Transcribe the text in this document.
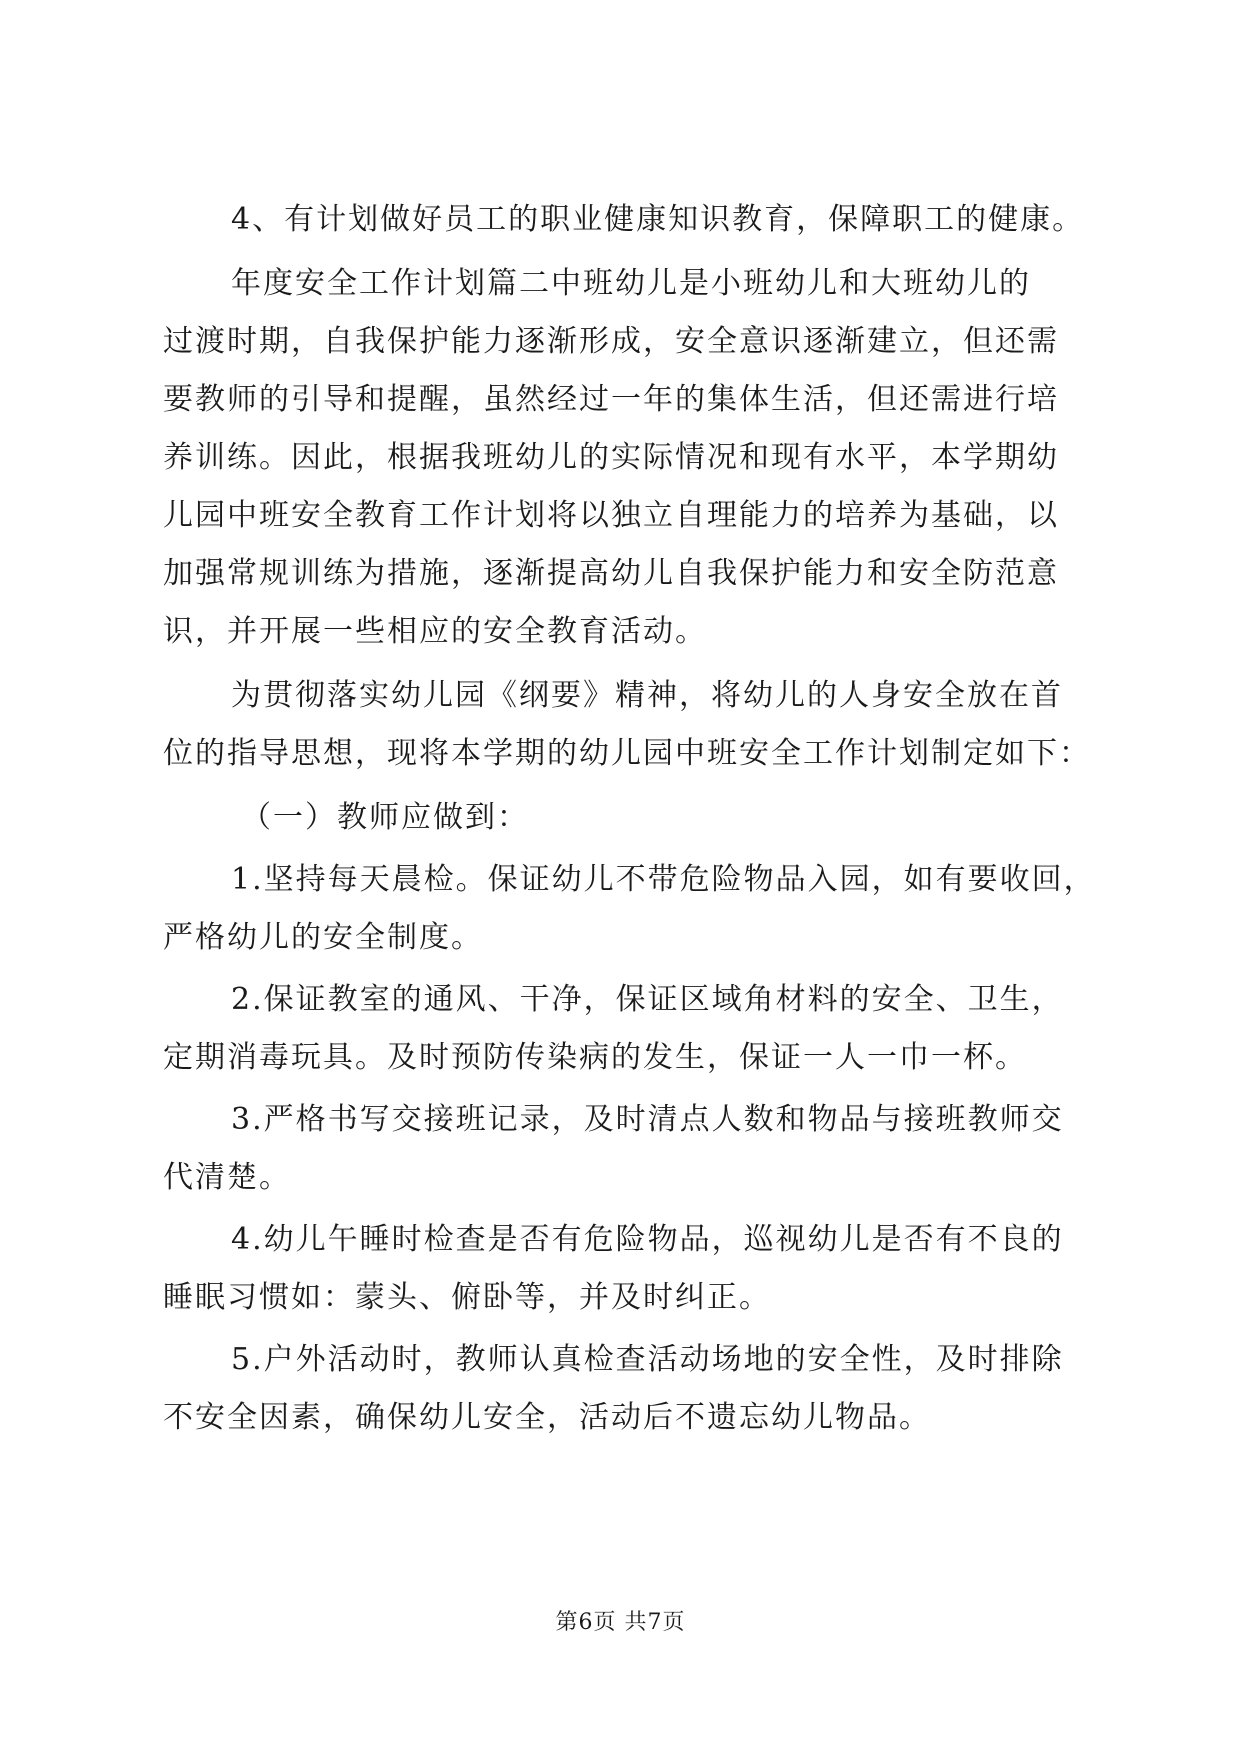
4、有计划做好员工的职业健康知识教育，保障职工的健康。
年度安全工作计划篇二中班幼儿是小班幼儿和大班幼儿的
过渡时期，自我保护能力逐渐形成，安全意识逐渐建立，但还需
要教师的引导和提醒，虽然经过一年的集体生活，但还需进行培
养训练。因此，根据我班幼儿的实际情况和现有水平，本学期幼
儿园中班安全教育工作计划将以独立自理能力的培养为基础，以
加强常规训练为措施，逐渐提高幼儿自我保护能力和安全防范意
识，并开展一些相应的安全教育活动。
为贯彻落实幼儿园《纲要》精神，将幼儿的人身安全放在首
位的指导思想，现将本学期的幼儿园中班安全工作计划制定如下：
（一）教师应做到：
1.坚持每天晨检。保证幼儿不带危险物品入园，如有要收回，
严格幼儿的安全制度。
2.保证教室的通风、干净，保证区域角材料的安全、卫生，
定期消毒玩具。及时预防传染病的发生，保证一人一巾一杯。
3.严格书写交接班记录，及时清点人数和物品与接班教师交
代清楚。
4.幼儿午睡时检查是否有危险物品，巡视幼儿是否有不良的
睡眠习惯如：蒙头、俯卧等，并及时纠正。
5.户外活动时，教师认真检查活动场地的安全性，及时排除
不安全因素，确保幼儿安全，活动后不遗忘幼儿物品。
第6页 共7页
